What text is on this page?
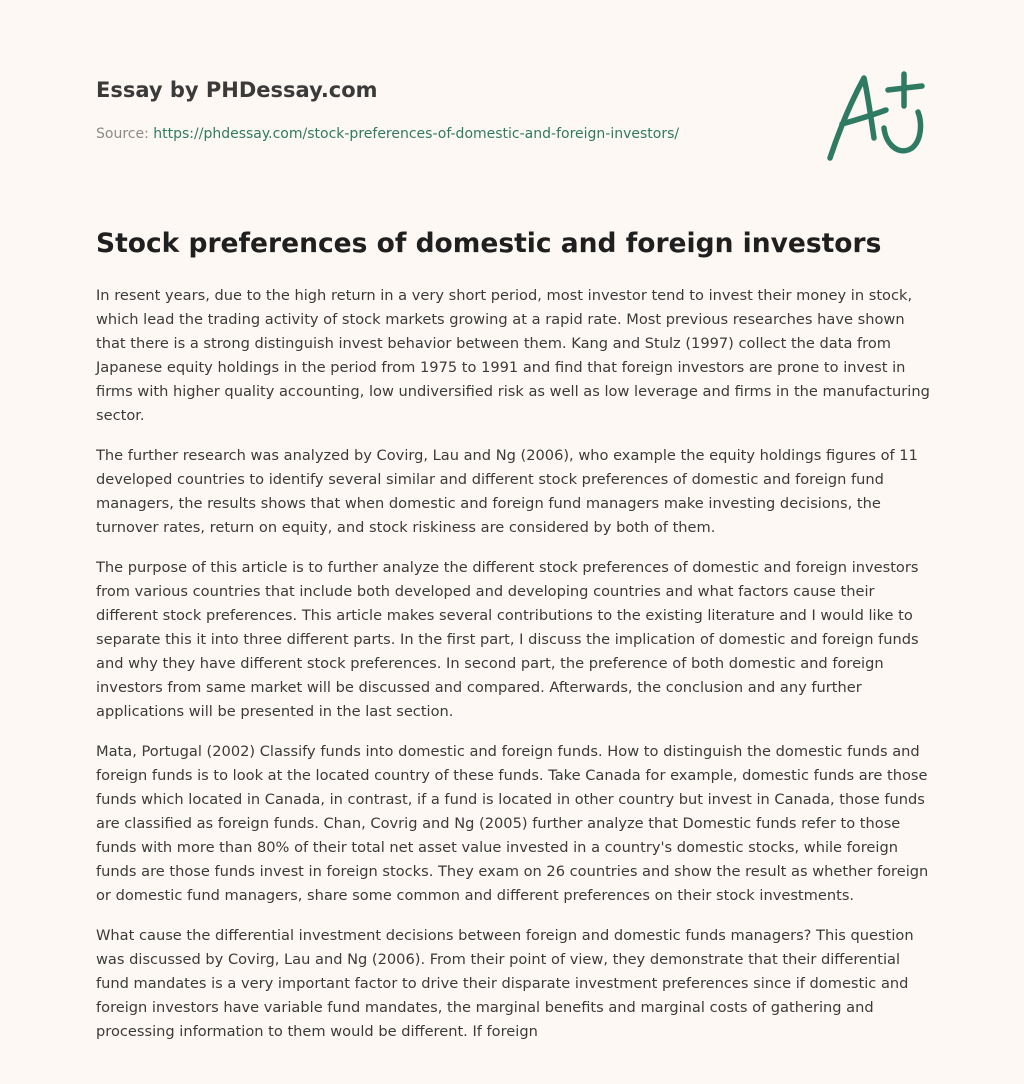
Essay by PHDessay.com

Source: https://phdessay.com/stock-preferences-of-domestic-and-foreign-investors/
Stock preferences of domestic and foreign investors

In resent years, due to the high return in a very short period, most investor tend to invest their money in stock, which lead the trading activity of stock markets growing at a rapid rate. Most previous researches have shown that there is a strong distinguish invest behavior between them. Kang and Stulz (1997) collect the data from Japanese equity holdings in the period from 1975 to 1991 and find that foreign investors are prone to invest in firms with higher quality accounting, low undiversified risk as well as low leverage and firms in the manufacturing sector.

The further research was analyzed by Covirg, Lau and Ng (2006), who example the equity holdings figures of 11 developed countries to identify several similar and different stock preferences of domestic and foreign fund managers, the results shows that when domestic and foreign fund managers make investing decisions, the turnover rates, return on equity, and stock riskiness are considered by both of them.

The purpose of this article is to further analyze the different stock preferences of domestic and foreign investors from various countries that include both developed and developing countries and what factors cause their different stock preferences. This article makes several contributions to the existing literature and I would like to separate this it into three different parts. In the first part, I discuss the implication of domestic and foreign funds and why they have different stock preferences. In second part, the preference of both domestic and foreign investors from same market will be discussed and compared. Afterwards, the conclusion and any further applications will be presented in the last section.

Mata, Portugal (2002) Classify funds into domestic and foreign funds. How to distinguish the domestic funds and foreign funds is to look at the located country of these funds. Take Canada for example, domestic funds are those funds which located in Canada, in contrast, if a fund is located in other country but invest in Canada, those funds are classified as foreign funds. Chan, Covrig and Ng (2005) further analyze that Domestic funds refer to those funds with more than 80% of their total net asset value invested in a country's domestic stocks, while foreign funds are those funds invest in foreign stocks. They exam on 26 countries and show the result as whether foreign or domestic fund managers, share some common and different preferences on their stock investments.

What cause the differential investment decisions between foreign and domestic funds managers? This question was discussed by Covirg, Lau and Ng (2006). From their point of view, they demonstrate that their differential fund mandates is a very important factor to drive their disparate investment preferences since if domestic and foreign investors have variable fund mandates, the marginal benefits and marginal costs of gathering and processing information to them would be different. If foreign
